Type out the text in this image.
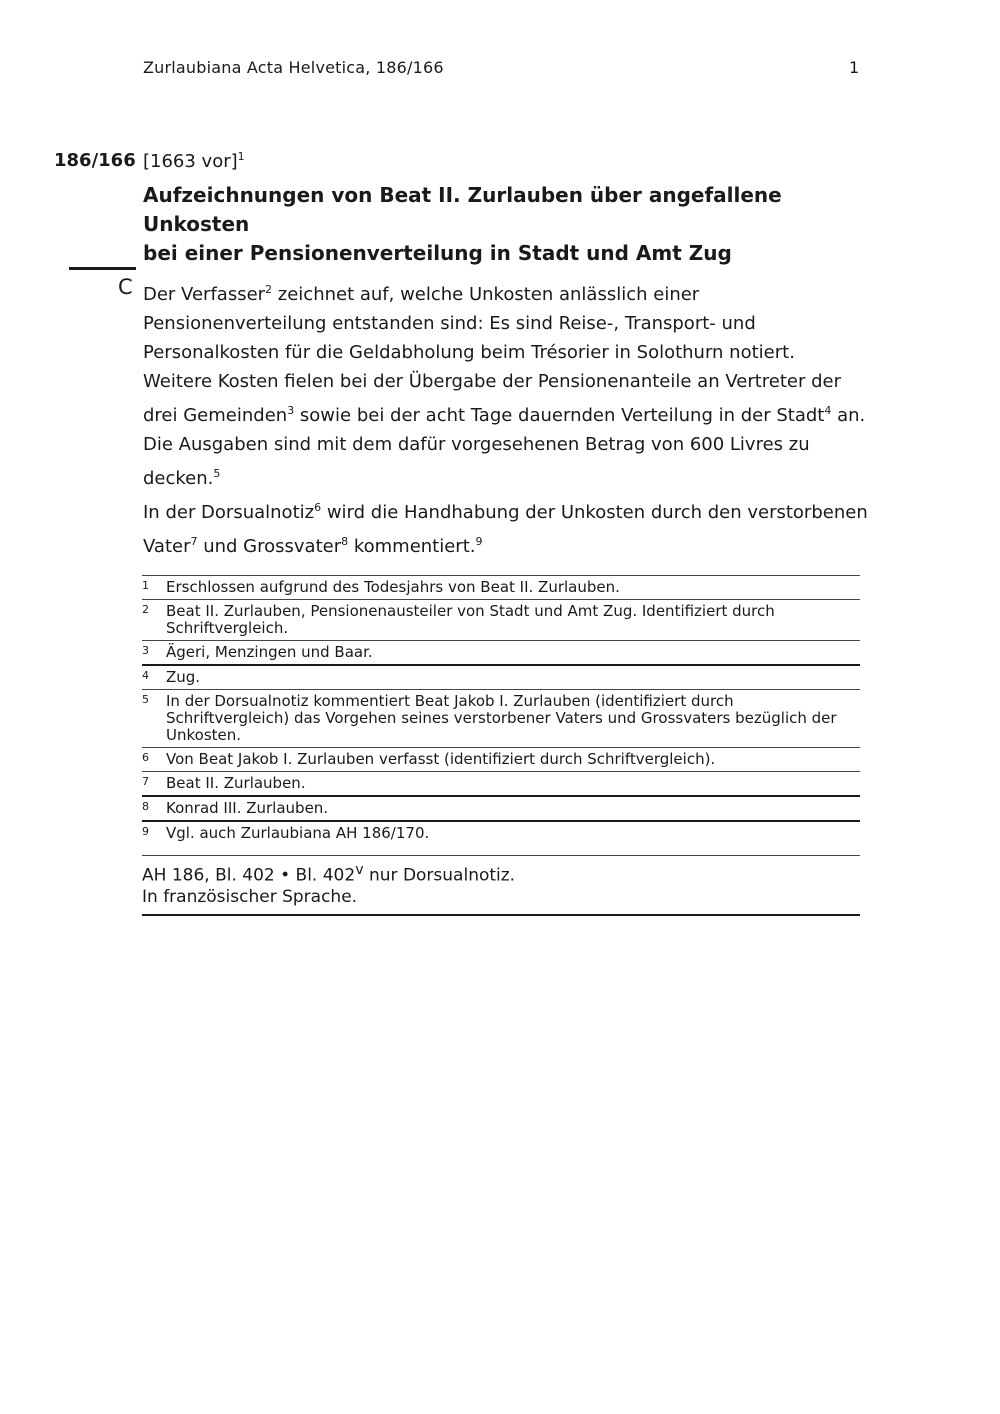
Zurlaubiana Acta Helvetica, 186/166	1
186/166 [1663 vor]$^1$
Aufzeichnungen von Beat II. Zurlauben über angefallene Unkosten
bei einer Pensionenverteilung in Stadt und Amt Zug
C Der Verfasser$^2$ zeichnet auf, welche Unkosten anlässlich einer Pensionenverteilung entstanden sind: Es sind Reise-, Transport- und Personalkosten für die Geldabholung beim Trésorier in Solothurn notiert. Weitere Kosten fielen bei der Übergabe der Pensionenanteile an Vertreter der drei Gemeinden$^3$ sowie bei der acht Tage dauernden Verteilung in der Stadt$^4$ an. Die Ausgaben sind mit dem dafür vorgesehenen Betrag von 600 Livres zu decken.$^5$

In der Dorsualnotiz$^6$ wird die Handhabung der Unkosten durch den verstorbenen Vater$^7$ und Grossvater$^8$ kommentiert.$^9$

1 Erschlossen aufgrund des Todesjahrs von Beat II. Zurlauben.
2 Beat II. Zurlauben, Pensionenausteiler von Stadt und Amt Zug. Identifiziert durch Schriftvergleich.
3 Ägeri, Menzingen und Baar.
4 Zug.
5 In der Dorsualnotiz kommentiert Beat Jakob I. Zurlauben (identifiziert durch Schriftvergleich) das Vorgehen seines verstorbener Vaters und Grossvaters bezüglich der Unkosten.
6 Von Beat Jakob I. Zurlauben verfasst (identifiziert durch Schriftvergleich).
7 Beat II. Zurlauben.
8 Konrad III. Zurlauben.
9 Vgl. auch Zurlaubiana AH 186/170.
AH 186, Bl. 402 • Bl. 402$^v$ nur Dorsualnotiz.
In französischer Sprache.
